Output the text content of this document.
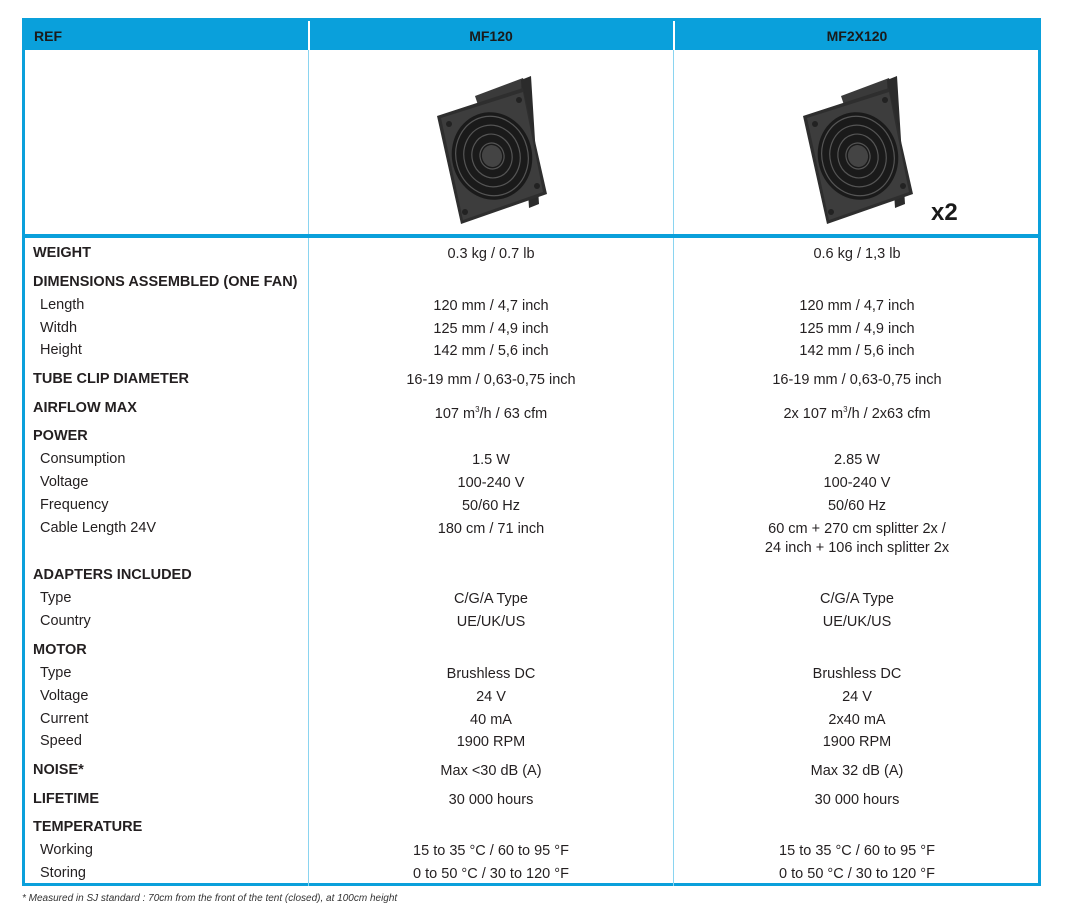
REF	MF120	MF2X120
x2
WEIGHT	0.3 kg / 0.7 lb	0.6 kg / 1,3 lb
DIMENSIONS ASSEMBLED (ONE FAN)
Length	120 mm / 4,7 inch	120 mm / 4,7 inch
Witdh	125 mm / 4,9 inch	125 mm / 4,9 inch
Height	142 mm / 5,6 inch	142 mm / 5,6 inch
TUBE CLIP DIAMETER	16-19 mm / 0,63-0,75 inch	16-19 mm / 0,63-0,75 inch
AIRFLOW MAX	107 $m^3/h / 63$ cfm	2x 107 $m^3/h / 2x63$ cfm
POWER
Consumption	1.5 W	2.85 W
Voltage	100-240 V	100-240 V
Frequency	50/60 Hz	50/60 Hz
Cable Length 24V	180 cm / 71 inch	60 cm + 270 cm splitter 2x /
24 inch + 106 inch splitter 2x
ADAPTERS INCLUDED
Type	C/G/A Type	C/G/A Type
Country	UE/UK/US	UE/UK/US
MOTOR
Type	Brushless DC	Brushless DC
Voltage	24 V	24 V
Current	40 mA	2x40 mA
Speed	1900 RPM	1900 RPM
NOISE*	Max <30 dB (A)	Max 32 dB (A)
LIFETIME	30 000 hours	30 000 hours
TEMPERATURE
Working	15 to 35 °C / 60 to 95 °F	15 to 35 °C / 60 to 95 °F
Storing	0 to 50 °C / 30 to 120 °F	0 to 50 °C / 30 to 120 °F
* Measured in SJ standard : 70cm from the front of the tent (closed), at 100cm height
